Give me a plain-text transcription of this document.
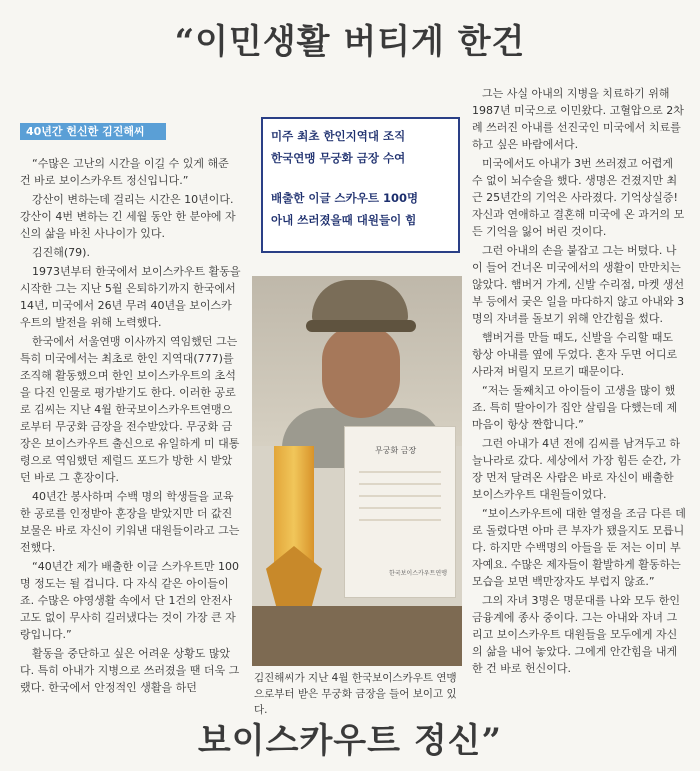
“이민생활 버티게 한건
40년간 헌신한 김진해씨

“수많은 고난의 시간을 이길 수 있게 해준 건 바로 보이스카우트 정신입니다.”

강산이 변하는데 걸리는 시간은 10년이다. 강산이 4번 변하는 긴 세월 동안 한 분야에 자신의 삶을 바친 사나이가 있다.

김진해(79).

1973년부터 한국에서 보이스카우트 활동을 시작한 그는 지난 5월 은퇴하기까지 한국에서 14년, 미국에서 26년 무려 40년을 보이스카우트의 발전을 위해 노력했다.

한국에서 서울연맹 이사까지 역임했던 그는 특히 미국에서는 최초로 한인 지역대(777)를 조직해 활동했으며 한인 보이스카우트의 초석을 다진 인물로 평가받기도 한다. 이러한 공로로 김씨는 지난 4월 한국보이스카우트연맹으로부터 무궁화 금장을 전수받았다. 무궁화 금장은 보이스카우트 출신으로 유일하게 미 대통령으로 역임했던 제럴드 포드가 방한 시 받았던 바로 그 훈장이다.

40년간 봉사하며 수백 명의 학생들을 교육한 공로를 인정받아 훈장을 받았지만 더 값진 보물은 바로 자신이 키워낸 대원들이라고 그는 전했다.

“40년간 제가 배출한 이글 스카우트만 100명 정도는 될 겁니다. 다 자식 같은 아이들이죠. 수많은 야영생활 속에서 단 1건의 안전사고도 없이 무사히 길러냈다는 것이 가장 큰 자랑입니다.”

활동을 중단하고 싶은 어려운 상황도 많았다. 특히 아내가 지병으로 쓰러졌을 땐 더욱 그랬다. 한국에서 안정적인 생활을 하던

미주 최초 한인지역대 조직
한국연맹 무궁화 금장 수여
배출한 이글 스카우트 100명
아내 쓰러졌을때 대원들이 힘
무궁화 금장
한국보이스카우트연맹
김진해씨가 지난 4월 한국보이스카우트 연맹으로부터 받은 무궁화 금장을 들어 보이고 있다.

그는 사실 아내의 지병을 치료하기 위해 1987년 미국으로 이민왔다. 고혈압으로 2차례 쓰러진 아내를 선진국인 미국에서 치료를 하고 싶은 바람에서다.

미국에서도 아내가 3번 쓰러졌고 어렵게 수 없이 뇌수술을 했다. 생명은 건졌지만 최근 25년간의 기억은 사라졌다. 기억상실증! 자신과 연애하고 결혼해 미국에 온 과거의 모든 기억을 잃어 버린 것이다.

그런 아내의 손을 붙잡고 그는 버텼다. 나이 들어 건너온 미국에서의 생활이 만만치는 않았다. 햄버거 가게, 신발 수리점, 마켓 생선부 등에서 궂은 일을 마다하지 않고 아내와 3명의 자녀를 돌보기 위해 안간힘을 썼다.

햄버거를 만들 때도, 신발을 수리할 때도 항상 아내를 옆에 두었다. 혼자 두면 어디로 사라져 버릴지 모르기 때문이다.

“저는 둘째치고 아이들이 고생을 많이 했죠. 특히 딸아이가 집안 살림을 다했는데 제 마음이 항상 짠합니다.”

그런 아내가 4년 전에 김씨를 남겨두고 하늘나라로 갔다. 세상에서 가장 힘든 순간, 가장 먼저 달려온 사람은 바로 자신이 배출한 보이스카우트 대원들이었다.

“보이스카우트에 대한 열정을 조금 다른 데로 돌렸다면 아마 큰 부자가 됐을지도 모릅니다. 하지만 수백명의 아들을 둔 저는 이미 부자예요. 수많은 제자들이 활발하게 활동하는 모습을 보면 백만장자도 부럽지 않죠.”

그의 자녀 3명은 명문대를 나와 모두 한인 금융계에 종사 중이다. 그는 아내와 자녀 그리고 보이스카우트 대원들을 모두에게 자신의 삶을 내어 놓았다. 그에게 안간힘을 내게 한 건 바로 헌신이다.

보이스카우트 정신”
